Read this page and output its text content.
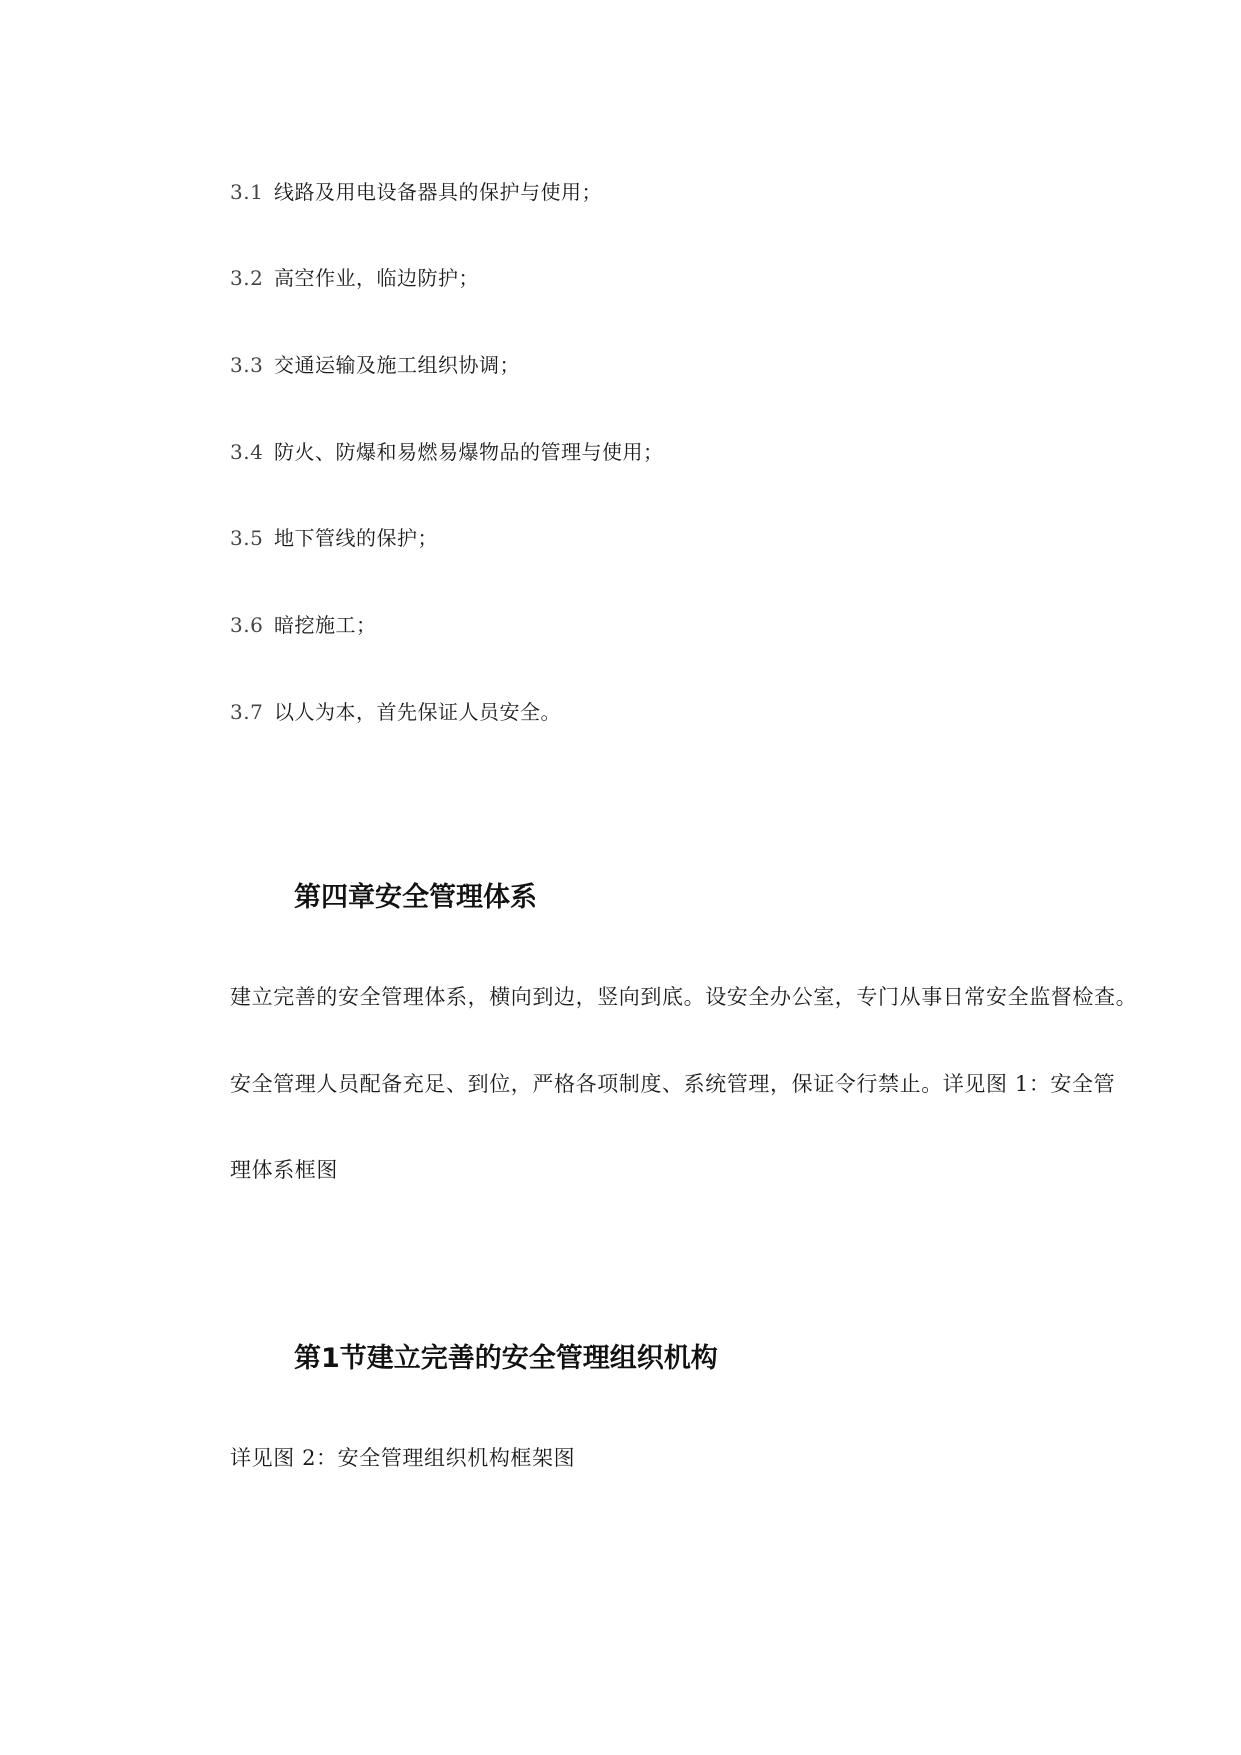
3.1 线路及用电设备器具的保护与使用；
3.2 高空作业，临边防护；
3.3 交通运输及施工组织协调；
3.4 防火、防爆和易燃易爆物品的管理与使用；
3.5 地下管线的保护；
3.6 暗挖施工；
3.7 以人为本，首先保证人员安全。
第四章安全管理体系
建立完善的安全管理体系，横向到边，竖向到底。设安全办公室，专门从事日常安全监督检查。
安全管理人员配备充足、到位，严格各项制度、系统管理，保证令行禁止。详见图 1：安全管
理体系框图
第1节建立完善的安全管理组织机构
详见图 2：安全管理组织机构框架图
